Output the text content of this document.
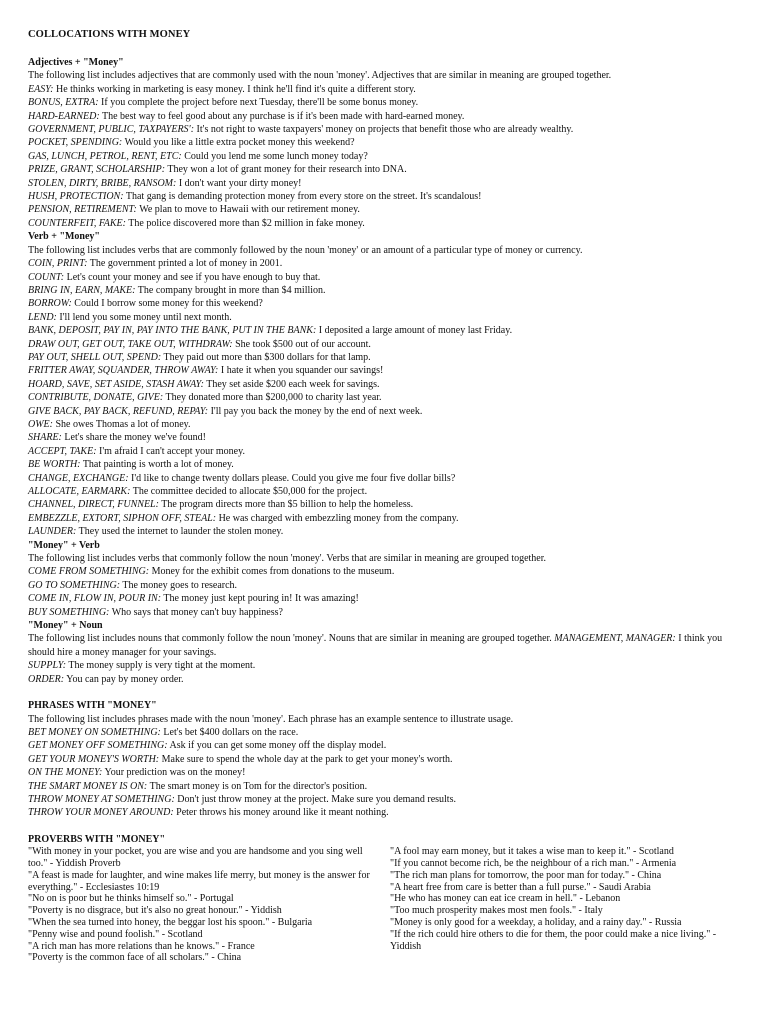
COLLOCATIONS WITH MONEY
Adjectives + "Money"
The following list includes adjectives that are commonly used with the noun 'money'. Adjectives that are similar in meaning are grouped together.
EASY: He thinks working in marketing is easy money. I think he'll find it's quite a different story.
BONUS, EXTRA: If you complete the project before next Tuesday, there'll be some bonus money.
HARD-EARNED: The best way to feel good about any purchase is if it's been made with hard-earned money.
GOVERNMENT, PUBLIC, TAXPAYERS': It's not right to waste taxpayers' money on projects that benefit those who are already wealthy.
POCKET, SPENDING: Would you like a little extra pocket money this weekend?
GAS, LUNCH, PETROL, RENT, ETC: Could you lend me some lunch money today?
PRIZE, GRANT, SCHOLARSHIP: They won a lot of grant money for their research into DNA.
STOLEN, DIRTY, BRIBE, RANSOM: I don't want your dirty money!
HUSH, PROTECTION: That gang is demanding protection money from every store on the street. It's scandalous!
PENSION, RETIREMENT: We plan to move to Hawaii with our retirement money.
COUNTERFEIT, FAKE: The police discovered more than $2 million in fake money.
Verb + "Money"
The following list includes verbs that are commonly followed by the noun 'money' or an amount of a particular type of money or currency.
COIN, PRINT: The government printed a lot of money in 2001.
COUNT: Let's count your money and see if you have enough to buy that.
BRING IN, EARN, MAKE: The company brought in more than $4 million.
BORROW: Could I borrow some money for this weekend?
LEND: I'll lend you some money until next month.
BANK, DEPOSIT, PAY IN, PAY INTO THE BANK, PUT IN THE BANK: I deposited a large amount of money last Friday.
DRAW OUT, GET OUT, TAKE OUT, WITHDRAW: She took $500 out of our account.
PAY OUT, SHELL OUT, SPEND: They paid out more than $300 dollars for that lamp.
FRITTER AWAY, SQUANDER, THROW AWAY: I hate it when you squander our savings!
HOARD, SAVE, SET ASIDE, STASH AWAY: They set aside $200 each week for savings.
CONTRIBUTE, DONATE, GIVE: They donated more than $200,000 to charity last year.
GIVE BACK, PAY BACK, REFUND, REPAY: I'll pay you back the money by the end of next week.
OWE: She owes Thomas a lot of money.
SHARE: Let's share the money we've found!
ACCEPT, TAKE: I'm afraid I can't accept your money.
BE WORTH: That painting is worth a lot of money.
CHANGE, EXCHANGE: I'd like to change twenty dollars please. Could you give me four five dollar bills?
ALLOCATE, EARMARK: The committee decided to allocate $50,000 for the project.
CHANNEL, DIRECT, FUNNEL: The program directs more than $5 billion to help the homeless.
EMBEZZLE, EXTORT, SIPHON OFF, STEAL: He was charged with embezzling money from the company.
LAUNDER: They used the internet to launder the stolen money.
"Money" + Verb
The following list includes verbs that commonly follow the noun 'money'. Verbs that are similar in meaning are grouped together.
COME FROM SOMETHING: Money for the exhibit comes from donations to the museum.
GO TO SOMETHING: The money goes to research.
COME IN, FLOW IN, POUR IN: The money just kept pouring in! It was amazing!
BUY SOMETHING: Who says that money can't buy happiness?
"Money" + Noun
The following list includes nouns that commonly follow the noun 'money'. Nouns that are similar in meaning are grouped together. MANAGEMENT, MANAGER: I think you should hire a money manager for your savings.
SUPPLY: The money supply is very tight at the moment.
ORDER: You can pay by money order.
PHRASES WITH "MONEY"
The following list includes phrases made with the noun 'money'. Each phrase has an example sentence to illustrate usage.
BET MONEY ON SOMETHING: Let's bet $400 dollars on the race.
GET MONEY OFF SOMETHING: Ask if you can get some money off the display model.
GET YOUR MONEY'S WORTH: Make sure to spend the whole day at the park to get your money's worth.
ON THE MONEY: Your prediction was on the money!
THE SMART MONEY IS ON: The smart money is on Tom for the director's position.
THROW MONEY AT SOMETHING: Don't just throw money at the project. Make sure you demand results.
THROW YOUR MONEY AROUND: Peter throws his money around like it meant nothing.
PROVERBS WITH "MONEY"
"With money in your pocket, you are wise and you are handsome and you sing well too." - Yiddish Proverb
"A feast is made for laughter, and wine makes life merry, but money is the answer for everything." - Ecclesiastes 10:19
"No on is poor but he thinks himself so." - Portugal
"Poverty is no disgrace, but it's also no great honour." - Yiddish
"When the sea turned into honey, the beggar lost his spoon." - Bulgaria
"Penny wise and pound foolish." - Scotland
"A rich man has more relations than he knows." - France
"Poverty is the common face of all scholars." - China
"A fool may earn money, but it takes a wise man to keep it." - Scotland
"If you cannot become rich, be the neighbour of a rich man." - Armenia
"The rich man plans for tomorrow, the poor man for today." - China
"A heart free from care is better than a full purse." - Saudi Arabia
"He who has money can eat ice cream in hell." - Lebanon
"Too much prosperity makes most men fools." - Italy
"Money is only good for a weekday, a holiday, and a rainy day." - Russia
"If the rich could hire others to die for them, the poor could make a nice living." - Yiddish
